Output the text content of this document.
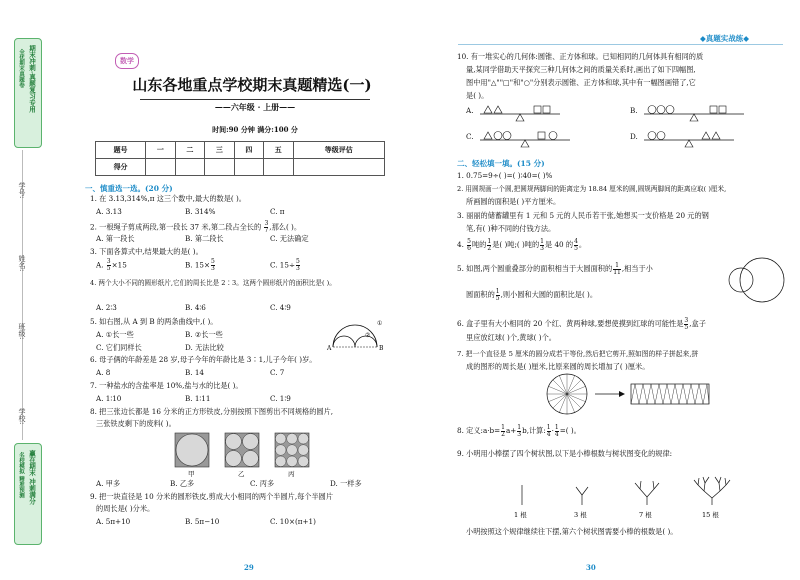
期末冲刺·真题复习专用
全优期末真题卷
赢在期末 冲刺满分
名校模拟 精准预测
学号:
姓名:
班级:
学校:
数学
山东各地重点学校期末真题精选(一)
——六年级 · 上册——
时间:90 分钟 满分:100 分
题号	一	二	三	四	五	等级评估
得分						
一、慎重选一选。(20 分)
1. 在 3.13,314%,π 这三个数中,最大的数是( )。
A. 3.13	B. 314%	C. π
2. 一根绳子剪成两段,第一段长 37 米,第二段占全长的 $\frac{3}{7}$ ,那么( )。
A. 第一段长	B. 第二段长	C. 无法确定
3. 下面各算式中,结果最大的是( )。
A. $\frac{3}{5} \times 15$	B. $15\times \frac{5}{3}$	C. $15\div \frac{5}{3}$
4. 两个大小不同的圆形纸片,它们的周长比是 2∶3。这两个圆形纸片的面积比是( )。
A. 2∶3	B. 4∶6	C. 4∶9
5. 如右图,从 A 到 B 的两条曲线中,( )。
A. ①长一些	B. ②长一些
C. 它们同样长	D. 无法比较	A	B
①
②
6. 母子俩的年龄差是 28 岁,母子今年的年龄比是 3∶1,儿子今年( )岁。
A. 8	B. 14	C. 7
7. 一种盐水的含盐率是 10%,盐与水的比是( )。
A. 1∶10	B. 1∶11	C. 1∶9
8. 把三张边长都是 16 分米的正方形铁皮,分别按照下图剪出不同规格的圆片,
三张铁皮剩下的废料( )。
甲	乙	丙
A. 甲多	B. 乙多	C. 丙多	D. 一样多
9. 把一块直径是 10 分米的圆形铁皮,剪成大小相同的两个半圆片,每个半圆片
的周长是( )分米。
A. 5π+10	B. 5π−10	C. 10×(π+1)
29
◆真题实战练◆
10. 有一堆实心的几何体:圆锥、正方体和球。已知相同的几何体具有相同的质
量,某同学借助天平探究三种几何体之间的质量关系时,画出了如下四幅图,
图中用"△""□"和"○"分别表示圆锥、正方体和球,其中有一幅图画错了,它
是( )。
A.	B.
C.	D.
二、轻松填一填。(15 分)
1. 0.75=9÷( )=( )∶40=( )%
2. 用圆规画一个圆,把圆规两脚间的距离定为 18.84 厘米的圆,圆规两脚间的距离应取( )厘米,
所画圆的面积是( )平方厘米。
3. 丽丽的储蓄罐里有 1 元和 5 元的人民币若干张,她想买一支价格是 20 元的钢
笔,有( )种不同的付钱方法。
4. $\frac{5}{6}$ 吨的 $\frac{1}{2}$ 是( )吨;( )吨的 $\frac{1}{3}$ 是 40 的 $\frac{4}{5}$ 。
5. 如图,两个圆重叠部分的面积相当于大圆面积的 $\frac{1}{11}$ ,相当于小
圆面积的 $\frac{1}{5}$ ,则小圆和大圆的面积比是( )。
6. 盒子里有大小相同的 20 个红、黄两种球,要想使摸到红球的可能性是 $\frac{3}{5}$ ,盒子
里应放红球( )个,黄球( )个。
7. 把一个直径是 5 厘米的圆分成若干等份,然后把它剪开,照如图的样子拼起来,拼
成的图形的周长是( )厘米,比原来圆的周长增加了( )厘米。
8. 定义:a·b= $\frac{1}{2} a+ \frac{1}{3} b$,计算: $\frac{1}{4} \cdot \frac{1}{4}$ =( )。
9. 小明用小棒摆了四个树状图,以下是小棒根数与树状图变化的规律:
1 根	3 根	7 根	15 根
小明按照这个规律继续往下摆,第六个树状图需要小棒的根数是( )。
30
